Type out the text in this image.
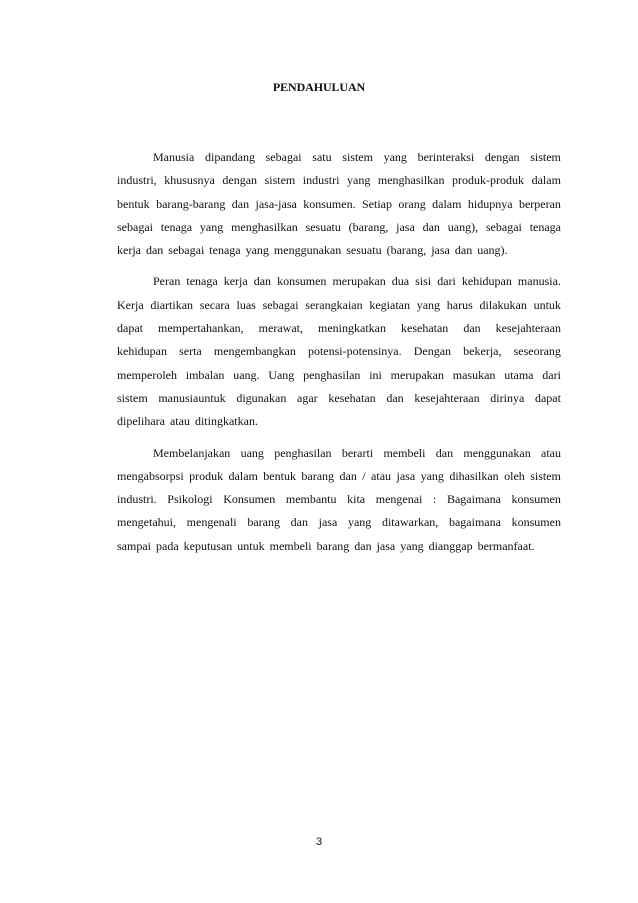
PENDAHULUAN
Manusia dipandang sebagai satu sistem yang berinteraksi dengan sistem
industri, khususnya dengan sistem industri yang menghasilkan produk-produk dalam
bentuk barang-barang dan jasa-jasa konsumen. Setiap orang dalam hidupnya berperan
sebagai tenaga yang menghasilkan sesuatu (barang, jasa dan uang), sebagai tenaga
kerja dan sebagai tenaga yang menggunakan sesuatu (barang, jasa dan uang).
Peran tenaga kerja dan konsumen merupakan dua sisi dari kehidupan manusia.
Kerja diartikan secara luas sebagai serangkaian kegiatan yang harus dilakukan untuk
dapat mempertahankan, merawat, meningkatkan kesehatan dan kesejahteraan
kehidupan serta mengembangkan potensi-potensinya. Dengan bekerja, seseorang
memperoleh imbalan uang. Uang penghasilan ini merupakan masukan utama dari
sistem manusiauntuk digunakan agar kesehatan dan kesejahteraan dirinya dapat
dipelihara atau ditingkatkan.
Membelanjakan uang penghasilan berarti membeli dan menggunakan atau
mengabsorpsi produk dalam bentuk barang dan / atau jasa yang dihasilkan oleh sistem
industri. Psikologi Konsumen membantu kita mengenai : Bagaimana konsumen
mengetahui, mengenali barang dan jasa yang ditawarkan, bagaimana konsumen
sampai pada keputusan untuk membeli barang dan jasa yang dianggap bermanfaat.
3
